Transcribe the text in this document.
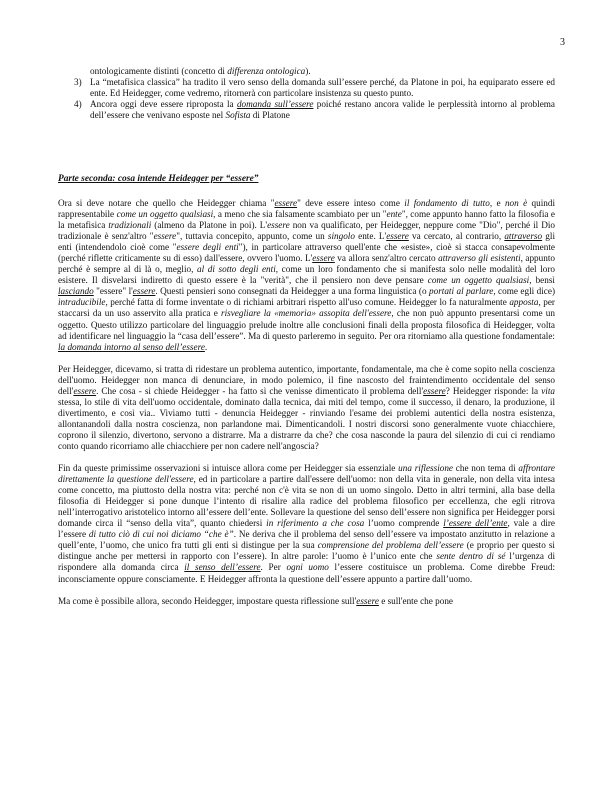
3
ontologicamente distinti (concetto di differenza ontologica).
3) La “metafisica classica” ha tradito il vero senso della domanda sull’essere perché, da Platone in poi, ha equiparato essere ed ente. Ed Heidegger, come vedremo, ritornerà con particolare insistenza su questo punto.
4) Ancora oggi deve essere riproposta la domanda sull’essere poiché restano ancora valide le perplessità intorno al problema dell’essere che venivano esposte nel Sofista di Platone
Parte seconda: cosa intende Heidegger per “essere”

Ora si deve notare che quello che Heidegger chiama "essere" deve essere inteso come il fondamento di tutto, e non è quindi rappresentabile come un oggetto qualsiasi, a meno che sia falsamente scambiato per un "ente", come appunto hanno fatto la filosofia e la metafisica tradizionali (almeno da Platone in poi). L'essere non va qualificato, per Heidegger, neppure come "Dio", perché il Dio tradizionale è senz'altro "essere", tuttavia concepito, appunto, come un singolo ente. L'essere va cercato, al contrario, attraverso gli enti (intendendolo cioè come "essere degli enti"), in particolare attraverso quell'ente che «esiste», cioè si stacca consapevolmente (perché riflette criticamente su di esso) dall'essere, ovvero l'uomo. L'essere va allora senz'altro cercato attraverso gli esistenti, appunto perché è sempre al di là o, meglio, al di sotto degli enti, come un loro fondamento che si manifesta solo nelle modalità del loro esistere. Il disvelarsi indiretto di questo essere è la "verità", che il pensiero non deve pensare come un oggetto qualsiasi, bensì lasciando "essere" l'essere. Questi pensieri sono consegnati da Heidegger a una forma linguistica (o portati al parlare, come egli dice) intraducibile, perché fatta di forme inventate o di richiami arbitrari rispetto all'uso comune. Heidegger lo fa naturalmente apposta, per staccarsi da un uso asservito alla pratica e risvegliare la «memoria» assopita dell'essere, che non può appunto presentarsi come un oggetto. Questo utilizzo particolare del linguaggio prelude inoltre alle conclusioni finali della proposta filosofica di Heidegger, volta ad identificare nel linguaggio la “casa dell’essere”. Ma di questo parleremo in seguito. Per ora ritorniamo alla questione fondamentale: la domanda intorno al senso dell’essere.

Per Heidegger, dicevamo, si tratta di ridestare un problema autentico, importante, fondamentale, ma che è come sopito nella coscienza dell'uomo. Heidegger non manca di denunciare, in modo polemico, il fine nascosto del fraintendimento occidentale del senso dell'essere. Che cosa - si chiede Heidegger - ha fatto sì che venisse dimenticato il problema dell'essere? Heidegger risponde: la vita stessa, lo stile di vita dell'uomo occidentale, dominato dalla tecnica, dai miti del tempo, come il successo, il denaro, la produzione, il divertimento, e così via.. Viviamo tutti - denuncia Heidegger - rinviando l'esame dei problemi autentici della nostra esistenza, allontanandoli dalla nostra coscienza, non parlandone mai. Dimenticandoli. I nostri discorsi sono generalmente vuote chiacchiere, coprono il silenzio, divertono, servono a distrarre. Ma a distrarre da che? che cosa nasconde la paura del silenzio di cui ci rendiamo conto quando ricorriamo alle chiacchiere per non cadere nell'angoscia?

Fin da queste primissime osservazioni si intuisce allora come per Heidegger sia essenziale una riflessione che non tema di affrontare direttamente la questione dell'essere, ed in particolare a partire dall'essere dell'uomo: non della vita in generale, non della vita intesa come concetto, ma piuttosto della nostra vita: perché non c'è vita se non di un uomo singolo. Detto in altri termini, alla base della filosofia di Heidegger si pone dunque l’intento di risalire alla radice del problema filosofico per eccellenza, che egli ritrova nell’interrogativo aristotelico intorno all’essere dell’ente. Sollevare la questione del senso dell’essere non significa per Heidegger porsi domande circa il “senso della vita”, quanto chiedersi in riferimento a che cosa l’uomo comprende l’essere dell’ente, vale a dire l’essere di tutto ciò di cui noi diciamo “che è”. Ne deriva che il problema del senso dell’essere va impostato anzitutto in relazione a quell’ente, l’uomo, che unico fra tutti gli enti si distingue per la sua comprensione del problema dell’essere (e proprio per questo si distingue anche per mettersi in rapporto con l’essere). In altre parole: l’uomo è l’unico ente che sente dentro di sé l’urgenza di rispondere alla domanda circa il senso dell’essere. Per ogni uomo l’essere costituisce un problema. Come direbbe Freud: inconsciamente oppure consciamente. E Heidegger affronta la questione dell’essere appunto a partire dall’uomo.

Ma come è possibile allora, secondo Heidegger, impostare questa riflessione sull'essere e sull'ente che pone
